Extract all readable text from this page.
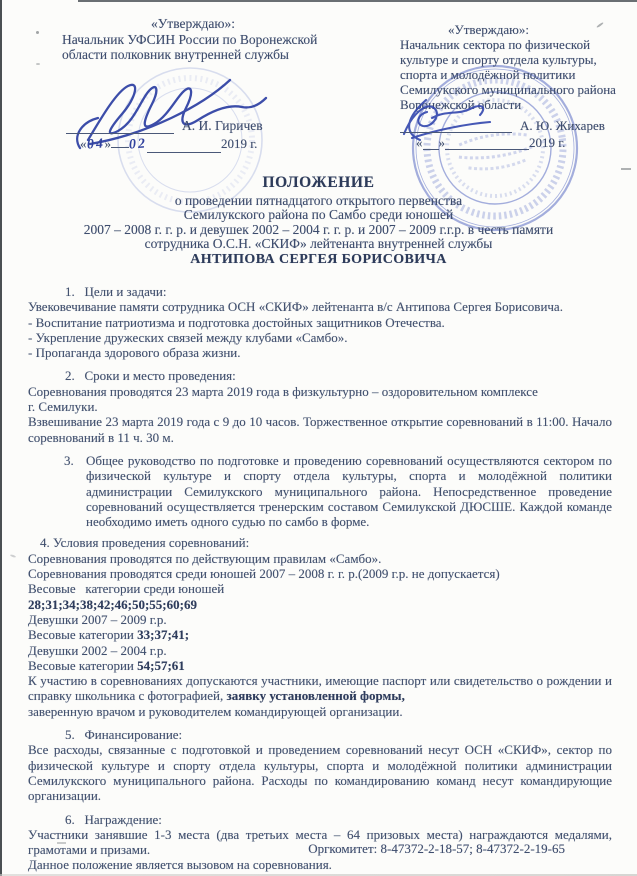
«Утверждаю»:
Начальник УФСИН России по Воронежской
области полковник внутренней службы
А. И. Гиричев
«04» 02	2019 г.
«Утверждаю»:
Начальник сектора по физической
культуре и спорту отдела культуры,
спорта и молодёжной политики
Семилукского муниципального района
Воронежской области
А. Ю. Жихарев
« »	2019 г.
ПОЛОЖЕНИЕ
о проведении пятнадцатого открытого первенства
Семилукского района по Самбо среди юношей
2007 – 2008 г. г. р. и девушек 2002 – 2004 г. г. р. и 2007 – 2009 г.г.р. в честь памяти
сотрудника О.С.Н. «СКИФ» лейтенанта внутренней службы
АНТИПОВА СЕРГЕЯ БОРИСОВИЧА
1.   Цели и задачи:
Увековечивание памяти сотрудника ОСН «СКИФ» лейтенанта в/с Антипова Сергея Борисовича.
- Воспитание патриотизма и подготовка достойных защитников Отечества.
- Укрепление дружеских связей между клубами «Самбо».
- Пропаганда здорового образа жизни.
2.   Сроки и место проведения:
Соревнования проводятся 23 марта 2019 года в физкультурно – оздоровительном комплексе
г. Семилуки.
Взвешивание 23 марта 2019 года с 9 до 10 часов. Торжественное открытие соревнований в 11:00. Начало соревнований в 11 ч. 30 м.
3. Общее руководство по подготовке и проведению соревнований осуществляются сектором по физической культуре и спорту отдела культуры, спорта и молодёжной политики администрации Семилукского муниципального района. Непосредственное проведение соревнований осуществляется тренерским составом Семилукской ДЮСШЕ. Каждой команде необходимо иметь одного судью по самбо в форме.
4. Условия проведения соревнований:
Соревнования проводятся по действующим правилам «Самбо».
Соревнования проводятся среди юношей 2007 – 2008 г. г. р.(2009 г.р. не допускается)
Весовые   категории среди юношей
28;31;34;38;42;46;50;55;60;69
Девушки 2007 – 2009 г.р.
Весовые категории 33;37;41;
Девушки 2002 – 2004 г.р.
Весовые категории 54;57;61
К участию в соревнованиях допускаются участники, имеющие паспорт или свидетельство о рождении и справку школьника с фотографией, заявку установленной формы,
заверенную врачом и руководителем командирующей организации.
5.   Финансирование:
Все расходы, связанные с подготовкой и проведением соревнований несут ОСН «СКИФ», сектор по физической культуре и спорту отдела культуры, спорта и молодёжной политики администрации Семилукского муниципального района. Расходы по командированию команд несут командирующие организации.
6.   Награждение:
Участники занявшие 1-3 места (два третьих места – 64 призовых места) награждаются медалями, грамотами и призами.
Данное положение является вызовом на соревнования.
Оргкомитет: 8-47372-2-18-57; 8-47372-2-19-65
